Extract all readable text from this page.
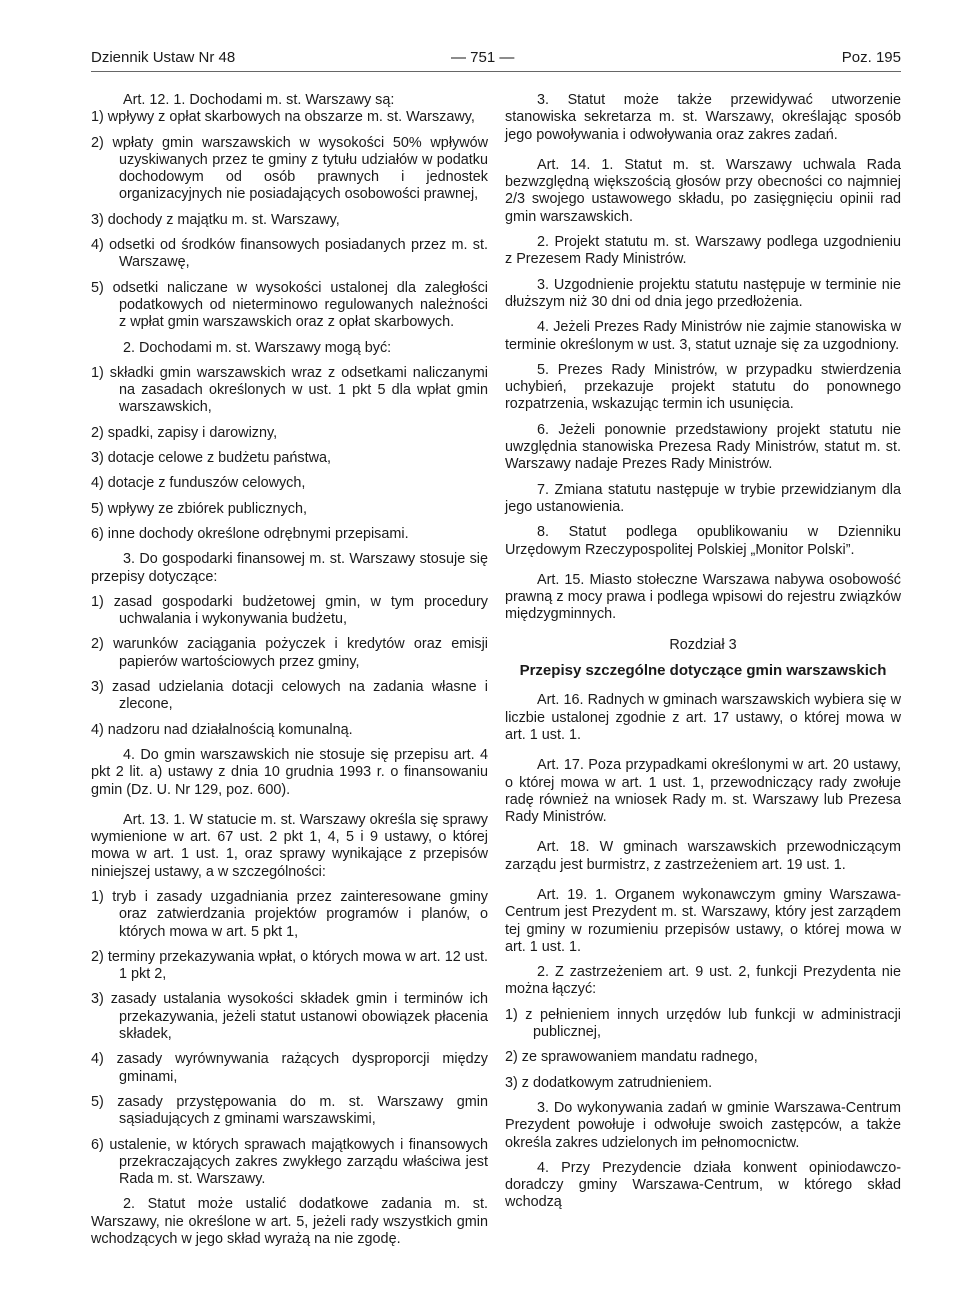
Dziennik Ustaw Nr 48	— 751 —	Poz. 195

Art. 12. 1. Dochodami m. st. Warszawy są:

1) wpływy z opłat skarbowych na obszarze m. st. Warszawy,

2) wpłaty gmin warszawskich w wysokości 50% wpływów uzyskiwanych przez te gminy z tytułu udziałów w podatku dochodowym od osób prawnych i jednostek organizacyjnych nie posiadających osobowości prawnej,

3) dochody z majątku m. st. Warszawy,

4) odsetki od środków finansowych posiadanych przez m. st. Warszawę,

5) odsetki naliczane w wysokości ustalonej dla zaległości podatkowych od nieterminowo regulowanych należności z wpłat gmin warszawskich oraz z opłat skarbowych.

2. Dochodami m. st. Warszawy mogą być:

1) składki gmin warszawskich wraz z odsetkami naliczanymi na zasadach określonych w ust. 1 pkt 5 dla wpłat gmin warszawskich,

2) spadki, zapisy i darowizny,

3) dotacje celowe z budżetu państwa,

4) dotacje z funduszów celowych,

5) wpływy ze zbiórek publicznych,

6) inne dochody określone odrębnymi przepisami.

3. Do gospodarki finansowej m. st. Warszawy stosuje się przepisy dotyczące:

1) zasad gospodarki budżetowej gmin, w tym procedury uchwalania i wykonywania budżetu,

2) warunków zaciągania pożyczek i kredytów oraz emisji papierów wartościowych przez gminy,

3) zasad udzielania dotacji celowych na zadania własne i zlecone,

4) nadzoru nad działalnością komunalną.

4. Do gmin warszawskich nie stosuje się przepisu art. 4 pkt 2 lit. a) ustawy z dnia 10 grudnia 1993 r. o finansowaniu gmin (Dz. U. Nr 129, poz. 600).

Art. 13. 1. W statucie m. st. Warszawy określa się sprawy wymienione w art. 67 ust. 2 pkt 1, 4, 5 i 9 ustawy, o której mowa w art. 1 ust. 1, oraz sprawy wynikające z przepisów niniejszej ustawy, a w szczególności:

1) tryb i zasady uzgadniania przez zainteresowane gminy oraz zatwierdzania projektów programów i planów, o których mowa w art. 5 pkt 1,

2) terminy przekazywania wpłat, o których mowa w art. 12 ust. 1 pkt 2,

3) zasady ustalania wysokości składek gmin i terminów ich przekazywania, jeżeli statut ustanowi obowiązek płacenia składek,

4) zasady wyrównywania rażących dysproporcji między gminami,

5) zasady przystępowania do m. st. Warszawy gmin sąsiadujących z gminami warszawskimi,

6) ustalenie, w których sprawach majątkowych i finansowych przekraczających zakres zwykłego zarządu właściwa jest Rada m. st. Warszawy.

2. Statut może ustalić dodatkowe zadania m. st. Warszawy, nie określone w art. 5, jeżeli rady wszystkich gmin wchodzących w jego skład wyrażą na nie zgodę.

3. Statut może także przewidywać utworzenie stanowiska sekretarza m. st. Warszawy, określając sposób jego powoływania i odwoływania oraz zakres zadań.

Art. 14. 1. Statut m. st. Warszawy uchwala Rada bezwzględną większością głosów przy obecności co najmniej 2/3 swojego ustawowego składu, po zasięgnięciu opinii rad gmin warszawskich.

2. Projekt statutu m. st. Warszawy podlega uzgodnieniu z Prezesem Rady Ministrów.

3. Uzgodnienie projektu statutu następuje w terminie nie dłuższym niż 30 dni od dnia jego przedłożenia.

4. Jeżeli Prezes Rady Ministrów nie zajmie stanowiska w terminie określonym w ust. 3, statut uznaje się za uzgodniony.

5. Prezes Rady Ministrów, w przypadku stwierdzenia uchybień, przekazuje projekt statutu do ponownego rozpatrzenia, wskazując termin ich usunięcia.

6. Jeżeli ponownie przedstawiony projekt statutu nie uwzględnia stanowiska Prezesa Rady Ministrów, statut m. st. Warszawy nadaje Prezes Rady Ministrów.

7. Zmiana statutu następuje w trybie przewidzianym dla jego ustanowienia.

8. Statut podlega opublikowaniu w Dzienniku Urzędowym Rzeczypospolitej Polskiej „Monitor Polski”.

Art. 15. Miasto stołeczne Warszawa nabywa osobowość prawną z mocy prawa i podlega wpisowi do rejestru związków międzygminnych.

Rozdział 3

Przepisy szczególne dotyczące gmin warszawskich

Art. 16. Radnych w gminach warszawskich wybiera się w liczbie ustalonej zgodnie z art. 17 ustawy, o której mowa w art. 1 ust. 1.

Art. 17. Poza przypadkami określonymi w art. 20 ustawy, o której mowa w art. 1 ust. 1, przewodniczący rady zwołuje radę również na wniosek Rady m. st. Warszawy lub Prezesa Rady Ministrów.

Art. 18. W gminach warszawskich przewodniczącym zarządu jest burmistrz, z zastrzeżeniem art. 19 ust. 1.

Art. 19. 1. Organem wykonawczym gminy Warszawa-Centrum jest Prezydent m. st. Warszawy, który jest zarządem tej gminy w rozumieniu przepisów ustawy, o której mowa w art. 1 ust. 1.

2. Z zastrzeżeniem art. 9 ust. 2, funkcji Prezydenta nie można łączyć:

1) z pełnieniem innych urzędów lub funkcji w administracji publicznej,

2) ze sprawowaniem mandatu radnego,

3) z dodatkowym zatrudnieniem.

3. Do wykonywania zadań w gminie Warszawa-Centrum Prezydent powołuje i odwołuje swoich zastępców, a także określa zakres udzielonych im pełnomocnictw.

4. Przy Prezydencie działa konwent opiniodawczo-doradczy gminy Warszawa-Centrum, w którego skład wchodzą
